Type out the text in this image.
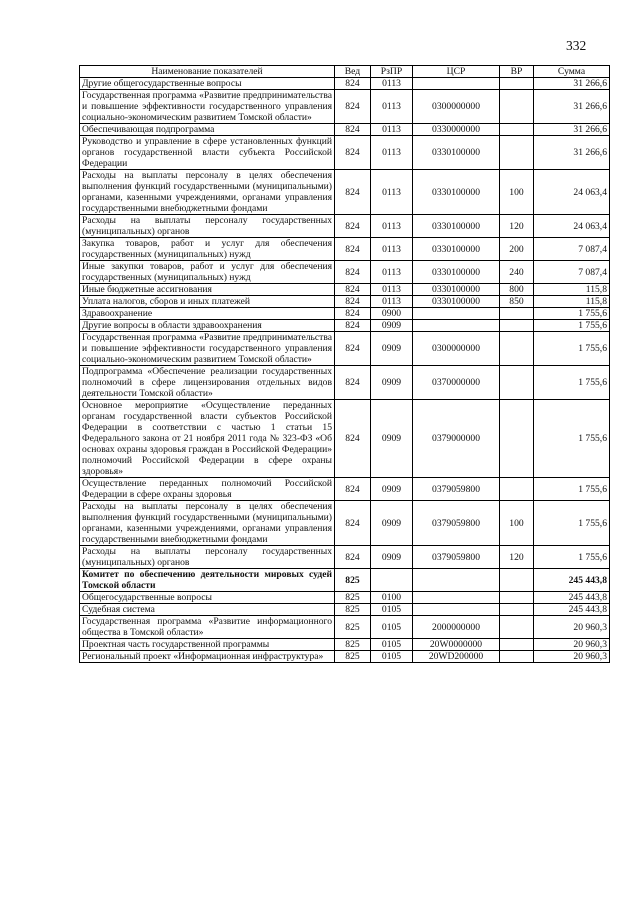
332
Наименование показателей	Вед	РзПР	ЦСР	ВР	Сумма
Другие общегосударственные вопросы	824	0113			31 266,6
Государственная программа «Развитие предпринимательства и повышение эффективности государственного управления социально-экономическим развитием Томской области»	824	0113	0300000000		31 266,6
Обеспечивающая подпрограмма	824	0113	0330000000		31 266,6
Руководство и управление в сфере установленных функций органов государственной власти субъекта Российской Федерации	824	0113	0330100000		31 266,6
Расходы на выплаты персоналу в целях обеспечения выполнения функций государственными (муниципальными) органами, казенными учреждениями, органами управления государственными внебюджетными фондами	824	0113	0330100000	100	24 063,4
Расходы на выплаты персоналу государственных (муниципальных) органов	824	0113	0330100000	120	24 063,4
Закупка товаров, работ и услуг для обеспечения государственных (муниципальных) нужд	824	0113	0330100000	200	7 087,4
Иные закупки товаров, работ и услуг для обеспечения государственных (муниципальных) нужд	824	0113	0330100000	240	7 087,4
Иные бюджетные ассигнования	824	0113	0330100000	800	115,8
Уплата налогов, сборов и иных платежей	824	0113	0330100000	850	115,8
Здравоохранение	824	0900			1 755,6
Другие вопросы в области здравоохранения	824	0909			1 755,6
Государственная программа «Развитие предпринимательства и повышение эффективности государственного управления социально-экономическим развитием Томской области»	824	0909	0300000000		1 755,6
Подпрограмма «Обеспечение реализации государственных полномочий в сфере лицензирования отдельных видов деятельности Томской области»	824	0909	0370000000		1 755,6
Основное мероприятие «Осуществление переданных органам государственной власти субъектов Российской Федерации в соответствии с частью 1 статьи 15 Федерального закона от 21 ноября 2011 года № 323-ФЗ «Об основах охраны здоровья граждан в Российской Федерации» полномочий Российской Федерации в сфере охраны здоровья»	824	0909	0379000000		1 755,6
Осуществление переданных полномочий Российской Федерации в сфере охраны здоровья	824	0909	0379059800		1 755,6
Расходы на выплаты персоналу в целях обеспечения выполнения функций государственными (муниципальными) органами, казенными учреждениями, органами управления государственными внебюджетными фондами	824	0909	0379059800	100	1 755,6
Расходы на выплаты персоналу государственных (муниципальных) органов	824	0909	0379059800	120	1 755,6
Комитет по обеспечению деятельности мировых судей Томской области	825				245 443,8
Общегосударственные вопросы	825	0100			245 443,8
Судебная система	825	0105			245 443,8
Государственная программа «Развитие информационного общества в Томской области»	825	0105	2000000000		20 960,3
Проектная часть государственной программы	825	0105	20W0000000		20 960,3
Региональный проект «Информационная инфраструктура»	825	0105	20WD200000		20 960,3
